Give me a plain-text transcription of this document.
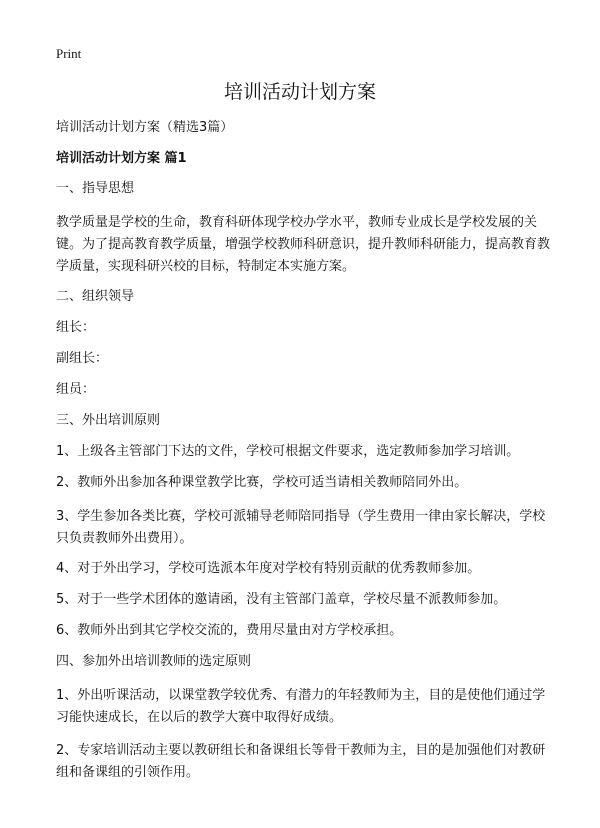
Print
培训活动计划方案
培训活动计划方案（精选3篇）
培训活动计划方案 篇1

一、指导思想

教学质量是学校的生命，教育科研体现学校办学水平，教师专业成长是学校发展的关键。为了提高教育教学质量，增强学校教师科研意识，提升教师科研能力，提高教育教学质量，实现科研兴校的目标，特制定本实施方案。

二、组织领导

组长：

副组长：

组员：

三、外出培训原则

1、上级各主管部门下达的文件，学校可根据文件要求，选定教师参加学习培训。

2、教师外出参加各种课堂教学比赛，学校可适当请相关教师陪同外出。

3、学生参加各类比赛，学校可派辅导老师陪同指导（学生费用一律由家长解决，学校只负责教师外出费用）。

4、对于外出学习，学校可选派本年度对学校有特别贡献的优秀教师参加。

5、对于一些学术团体的邀请函，没有主管部门盖章，学校尽量不派教师参加。

6、教师外出到其它学校交流的，费用尽量由对方学校承担。

四、参加外出培训教师的选定原则

1、外出听课活动，以课堂教学较优秀、有潜力的年轻教师为主，目的是使他们通过学习能快速成长，在以后的教学大赛中取得好成绩。

2、专家培训活动主要以教研组长和备课组长等骨干教师为主，目的是加强他们对教研组和备课组的引领作用。
